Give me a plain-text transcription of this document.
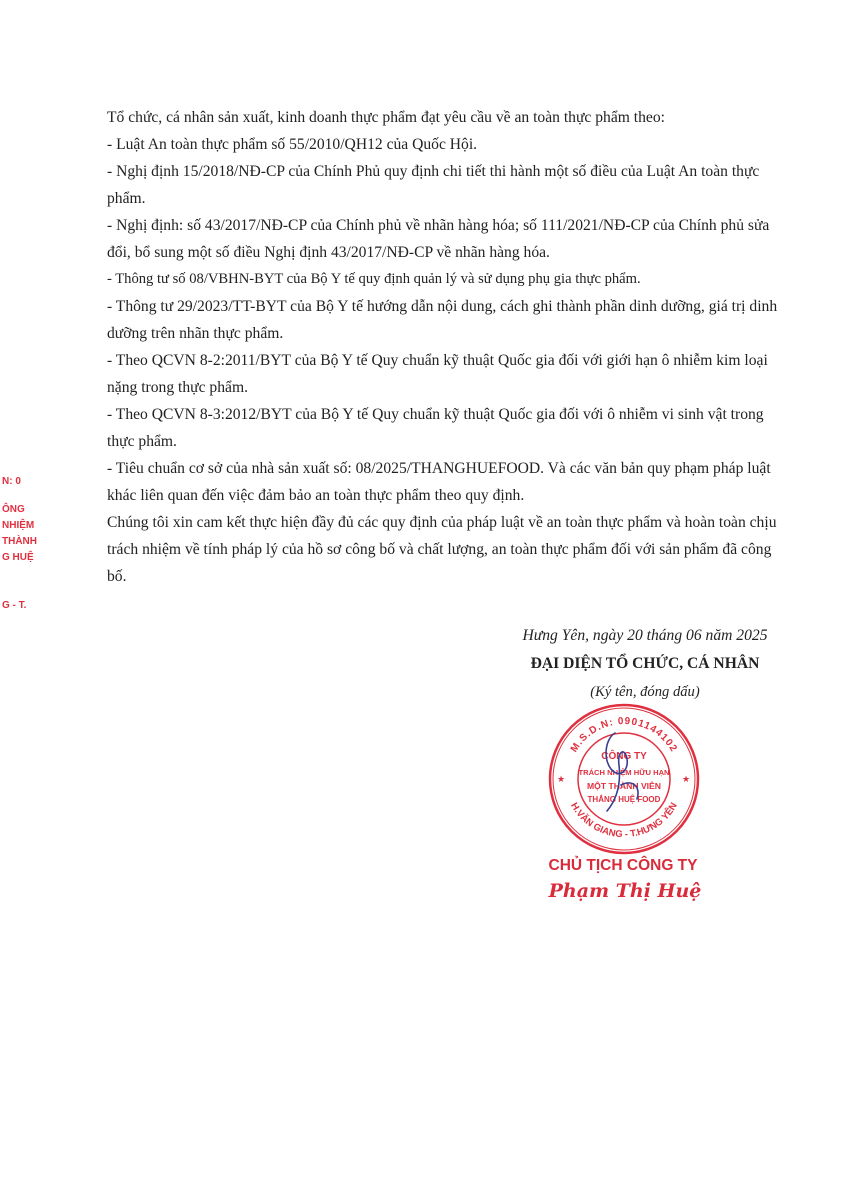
Tổ chức, cá nhân sản xuất, kinh doanh thực phẩm đạt yêu cầu về an toàn thực phẩm theo:

- Luật An toàn thực phẩm số 55/2010/QH12 của Quốc Hội.

- Nghị định 15/2018/NĐ-CP của Chính Phủ quy định chi tiết thi hành một số điều của Luật An toàn thực phẩm.

- Nghị định: số 43/2017/NĐ-CP của Chính phủ về nhãn hàng hóa; số 111/2021/NĐ-CP của Chính phủ sửa đổi, bổ sung một số điều Nghị định 43/2017/NĐ-CP về nhãn hàng hóa.

- Thông tư số 08/VBHN-BYT của Bộ Y tế quy định quản lý và sử dụng phụ gia thực phẩm.

- Thông tư 29/2023/TT-BYT của Bộ Y tế hướng dẫn nội dung, cách ghi thành phần dinh dưỡng, giá trị dinh dưỡng trên nhãn thực phẩm.

- Theo QCVN 8-2:2011/BYT của Bộ Y tế Quy chuẩn kỹ thuật Quốc gia đối với giới hạn ô nhiễm kim loại nặng trong thực phẩm.

- Theo QCVN 8-3:2012/BYT của Bộ Y tế Quy chuẩn kỹ thuật Quốc gia đối với ô nhiễm vi sinh vật trong thực phẩm.

- Tiêu chuẩn cơ sở của nhà sản xuất số: 08/2025/THANGHUEFOOD. Và các văn bản quy phạm pháp luật khác liên quan đến việc đảm bảo an toàn thực phẩm theo quy định.

Chúng tôi xin cam kết thực hiện đầy đủ các quy định của pháp luật về an toàn thực phẩm và hoàn toàn chịu trách nhiệm về tính pháp lý của hồ sơ công bố và chất lượng, an toàn thực phẩm đối với sản phẩm đã công bố.

Hưng Yên, ngày 20 tháng 06 năm 2025

ĐẠI DIỆN TỔ CHỨC, CÁ NHÂN

(Ký tên, đóng dấu)

M.S.D.N: 0901144102
H.VĂN GIANG - T.HƯNG YÊN
★	★
CÔNG TY
TRÁCH NHIỆM HỮU HẠN
MỘT THÀNH VIÊN
THẮNG HUỆ FOOD

CHỦ TỊCH CÔNG TY

Phạm Thị Huệ

N: 0
ÔNG
NHIỆM
THÀNH
G HUỆ
G - T.
